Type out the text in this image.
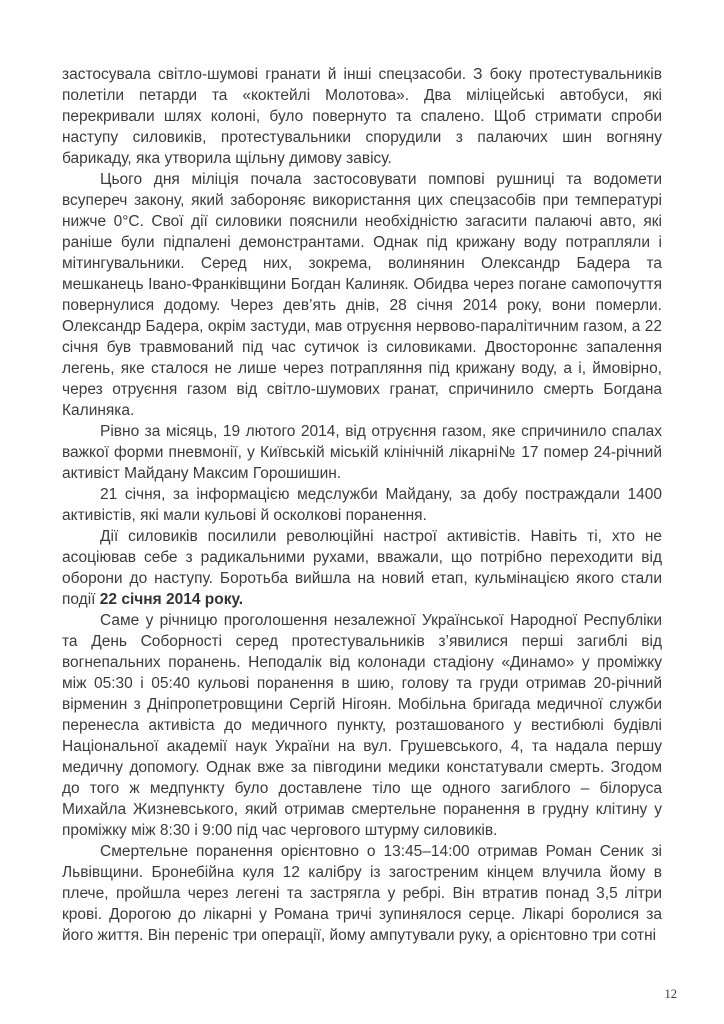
застосувала світло-шумові гранати й інші спецзасоби. З боку протестувальників полетіли петарди та «коктейлі Молотова». Два міліцейські автобуси, які перекривали шлях колоні, було повернуто та спалено. Щоб стримати спроби наступу силовиків, протестувальники спорудили з палаючих шин вогняну барикаду, яка утворила щільну димову завісу.

Цього дня міліція почала застосовувати помпові рушниці та водомети всупереч закону, який забороняє використання цих спецзасобів при температурі нижче 0°С. Свої дії силовики пояснили необхідністю загасити палаючі авто, які раніше були підпалені демонстрантами. Однак під крижану воду потрапляли і мітингувальники. Серед них, зокрема, волинянин Олександр Бадера та мешканець Івано-Франківщини Богдан Калиняк. Обидва через погане самопочуття повернулися додому. Через дев’ять днів, 28 січня 2014 року, вони померли. Олександр Бадера, окрім застуди, мав отруєння нервово-паралітичним газом, а 22 січня був травмований під час сутичок із силовиками. Двостороннє запалення легень, яке сталося не лише через потрапляння під крижану воду, а і, ймовірно, через отруєння газом від світло-шумових гранат, спричинило смерть Богдана Калиняка.

Рівно за місяць, 19 лютого 2014, від отруєння газом, яке спричинило спалах важкої форми пневмонії, у Київській міській клінічній лікарні№ 17 помер 24-річний активіст Майдану Максим Горошишин.

21 січня, за інформацією медслужби Майдану, за добу постраждали 1400 активістів, які мали кульові й осколкові поранення.

Дії силовиків посилили революційні настрої активістів. Навіть ті, хто не асоціював себе з радикальними рухами, вважали, що потрібно переходити від оборони до наступу. Боротьба вийшла на новий етап, кульмінацією якого стали події 22 січня 2014 року.

Саме у річницю проголошення незалежної Української Народної Республіки та День Соборності серед протестувальників з’явилися перші загиблі від вогнепальних поранень. Неподалік від колонади стадіону «Динамо» у проміжку між 05:30 і 05:40 кульові поранення в шию, голову та груди отримав 20-річний вірменин з Дніпропетровщини Сергій Нігоян. Мобільна бригада медичної служби перенесла активіста до медичного пункту, розташованого у вестибюлі будівлі Національної академії наук України на вул. Грушевського, 4, та надала першу медичну допомогу. Однак вже за півгодини медики констатували смерть. Згодом до того ж медпункту було доставлене тіло ще одного загиблого – білоруса Михайла Жизневського, який отримав смертельне поранення в грудну клітину у проміжку між 8:30 і 9:00 під час чергового штурму силовиків.

Смертельне поранення орієнтовно о 13:45–14:00 отримав Роман Сеник зі Львівщини. Бронебійна куля 12 калібру із загостреним кінцем влучила йому в плече, пройшла через легені та застрягла у ребрі. Він втратив понад 3,5 літри крові. Дорогою до лікарні у Романа тричі зупинялося серце. Лікарі боролися за його життя. Він переніс три операції, йому ампутували руку, а орієнтовно три сотні

12
